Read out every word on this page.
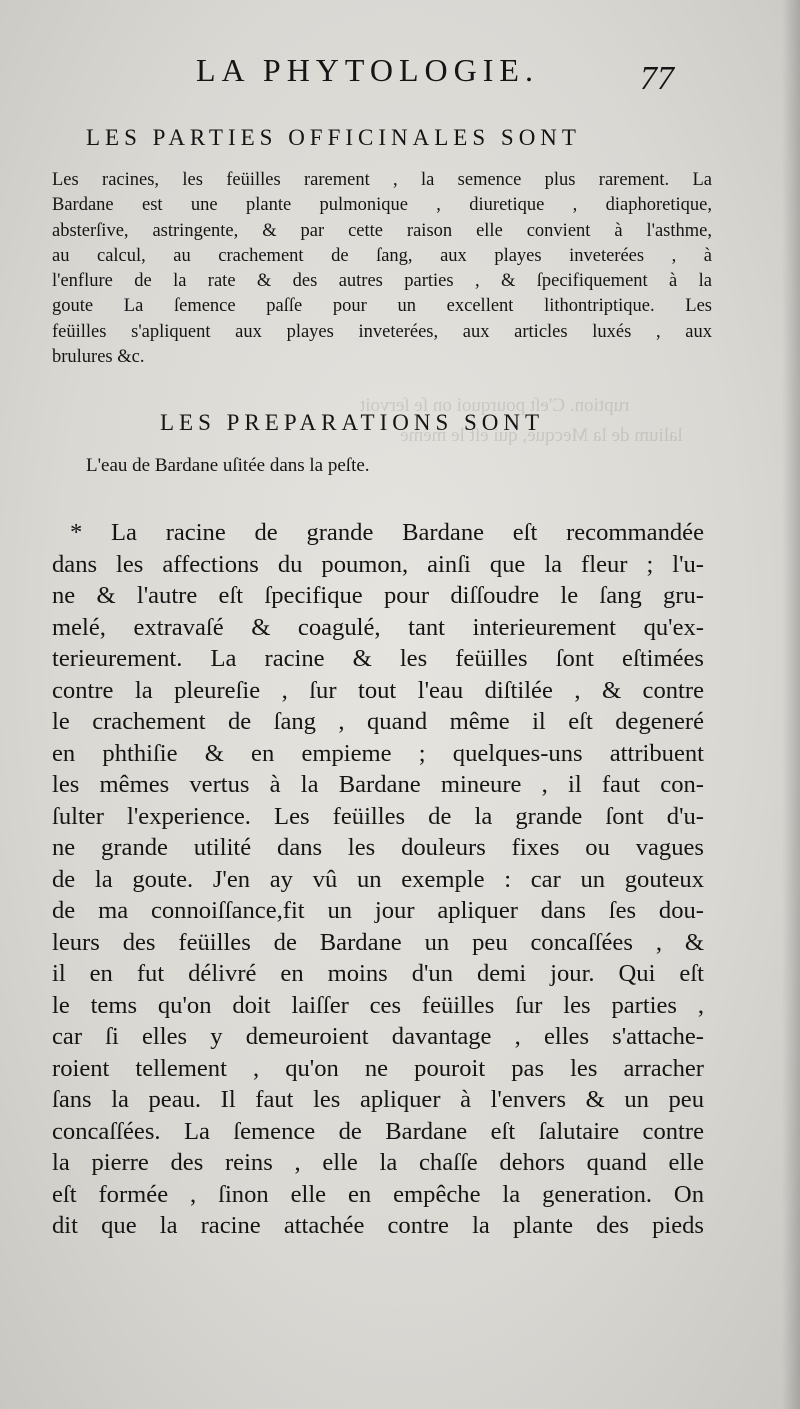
ruption. C'eſt pourquoi on ſe ſervoit
lalium de la Mecque, qui eſt le même
LA PHYTOLOGIE.	77
LES PARTIES OFFICINALES SONT
Les racines, les feüilles rarement , la semence plus rarement. La
Bardane est une plante pulmonique , diuretique , diaphoretique,
absterſive, astringente, & par cette raison elle convient à l'asthme,
au calcul, au crachement de ſang, aux playes inveterées , à
l'enflure de la rate & des autres parties , & ſpecifiquement à la
goute La ſemence paſſe pour un excellent lithontriptique. Les
feüilles s'apliquent aux playes inveterées, aux articles luxés , aux
brulures &c.
LES PREPARATIONS SONT
L'eau de Bardane uſitée dans la peſte.
* La racine de grande Bardane eſt recommandée
dans les affections du poumon, ainſi que la fleur ; l'u-
ne & l'autre eſt ſpecifique pour diſſoudre le ſang gru-
melé, extravaſé & coagulé, tant interieurement qu'ex-
terieurement. La racine & les feüilles ſont eſtimées
contre la pleureſie , ſur tout l'eau diſtilée , & contre
le crachement de ſang , quand même il eſt degeneré
en phthiſie & en empieme ; quelques-uns attribuent
les mêmes vertus à la Bardane mineure , il faut con-
ſulter l'experience. Les feüilles de la grande ſont d'u-
ne grande utilité dans les douleurs fixes ou vagues
de la goute. J'en ay vû un exemple : car un gouteux
de ma connoiſſance,fit un jour apliquer dans ſes dou-
leurs des feüilles de Bardane un peu concaſſées , &
il en fut délivré en moins d'un demi jour. Qui eſt
le tems qu'on doit laiſſer ces feüilles ſur les parties ,
car ſi elles y demeuroient davantage , elles s'attache-
roient tellement , qu'on ne pouroit pas les arracher
ſans la peau. Il faut les apliquer à l'envers & un peu
concaſſées. La ſemence de Bardane eſt ſalutaire contre
la pierre des reins , elle la chaſſe dehors quand elle
eſt formée , ſinon elle en empêche la generation. On
dit que la racine attachée contre la plante des pieds
